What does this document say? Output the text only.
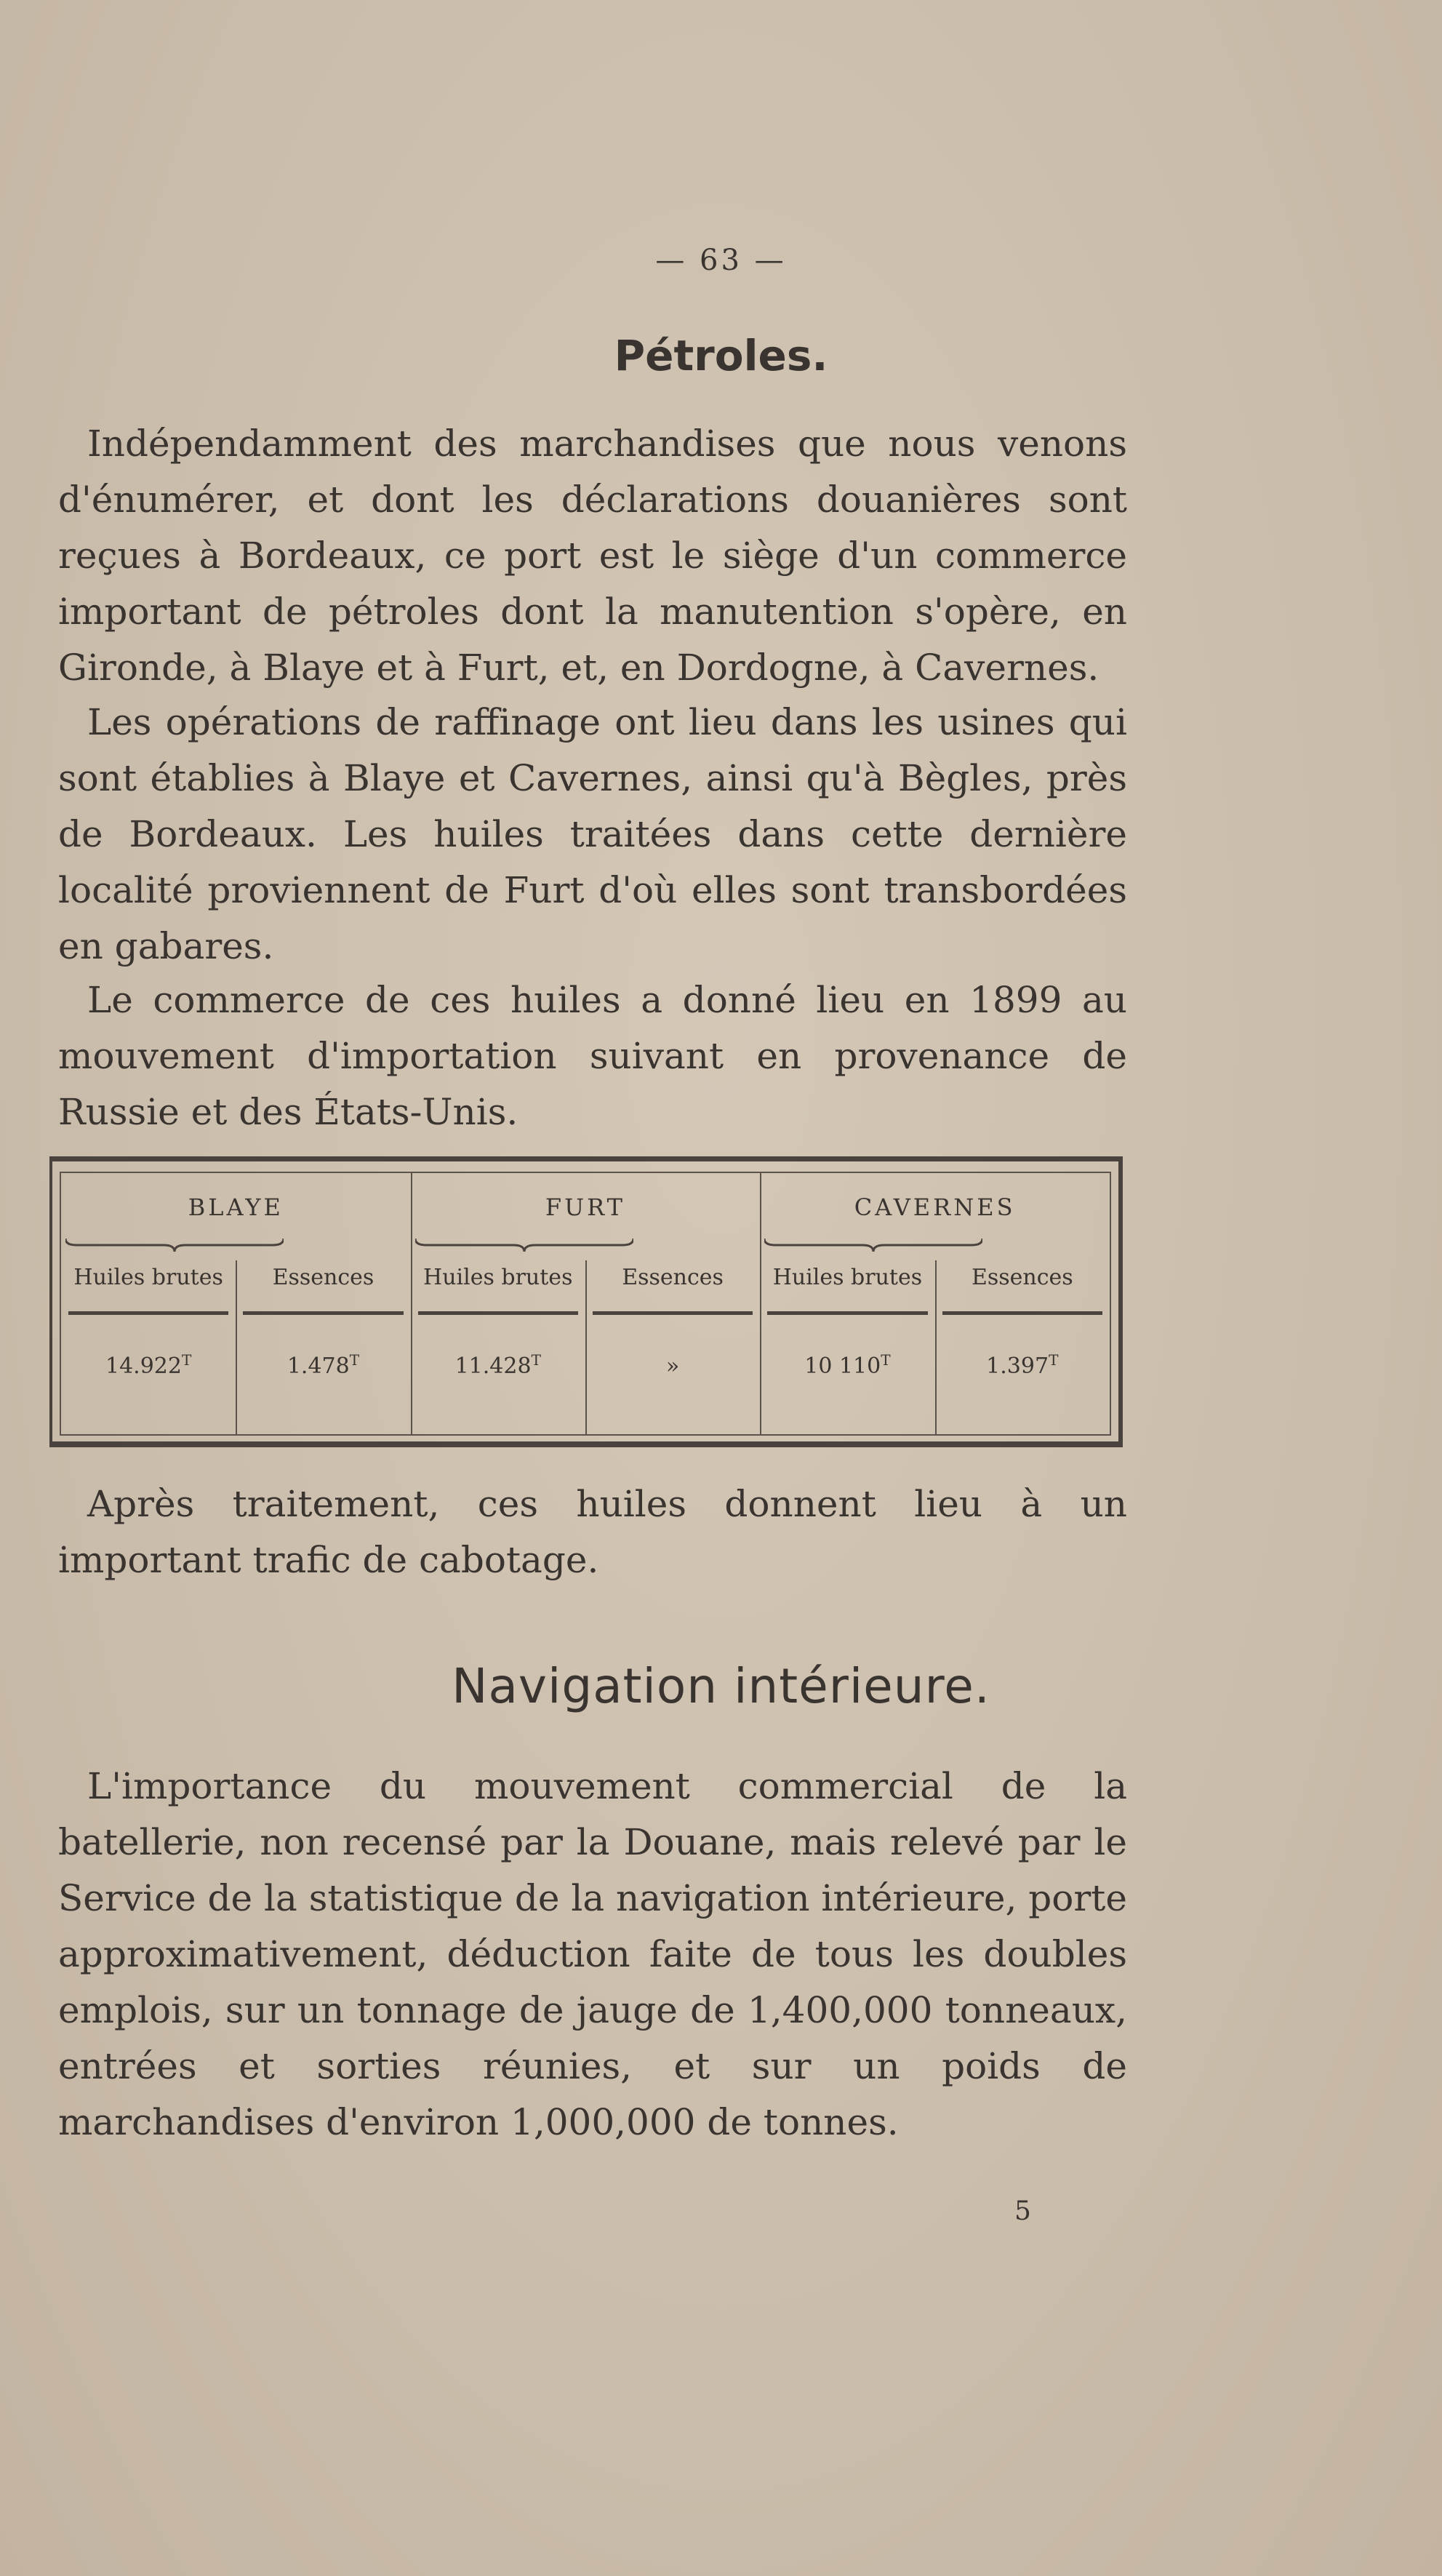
— 63 —
Pétroles.

Indépendamment des marchandises que nous venons d'énumérer, et dont les déclarations douanières sont reçues à Bordeaux, ce port est le siège d'un commerce important de pétroles dont la manutention s'opère, en Gironde, à Blaye et à Furt, et, en Dordogne, à Cavernes.

Les opérations de raffinage ont lieu dans les usines qui sont établies à Blaye et Cavernes, ainsi qu'à Bègles, près de Bordeaux. Les huiles traitées dans cette dernière localité proviennent de Furt d'où elles sont transbordées en gabares.

Le commerce de ces huiles a donné lieu en 1899 au mouvement d'importation suivant en provenance de Russie et des États-Unis.

BLAYE
Huiles brutes
$14.922^T$
Essences
$1.478^T$
FURT
Huiles brutes
$11.428^T$
Essences
»
CAVERNES
Huiles brutes
10 $110^T$
Essences
$1.397^T$

Après traitement, ces huiles donnent lieu à un important trafic de cabotage.

Navigation intérieure.

L'importance du mouvement commercial de la batellerie, non recensé par la Douane, mais relevé par le Service de la statistique de la navigation intérieure, porte approximativement, déduction faite de tous les doubles emplois, sur un tonnage de jauge de 1,400,000 tonneaux, entrées et sorties réunies, et sur un poids de marchandises d'environ 1,000,000 de tonnes.

5
